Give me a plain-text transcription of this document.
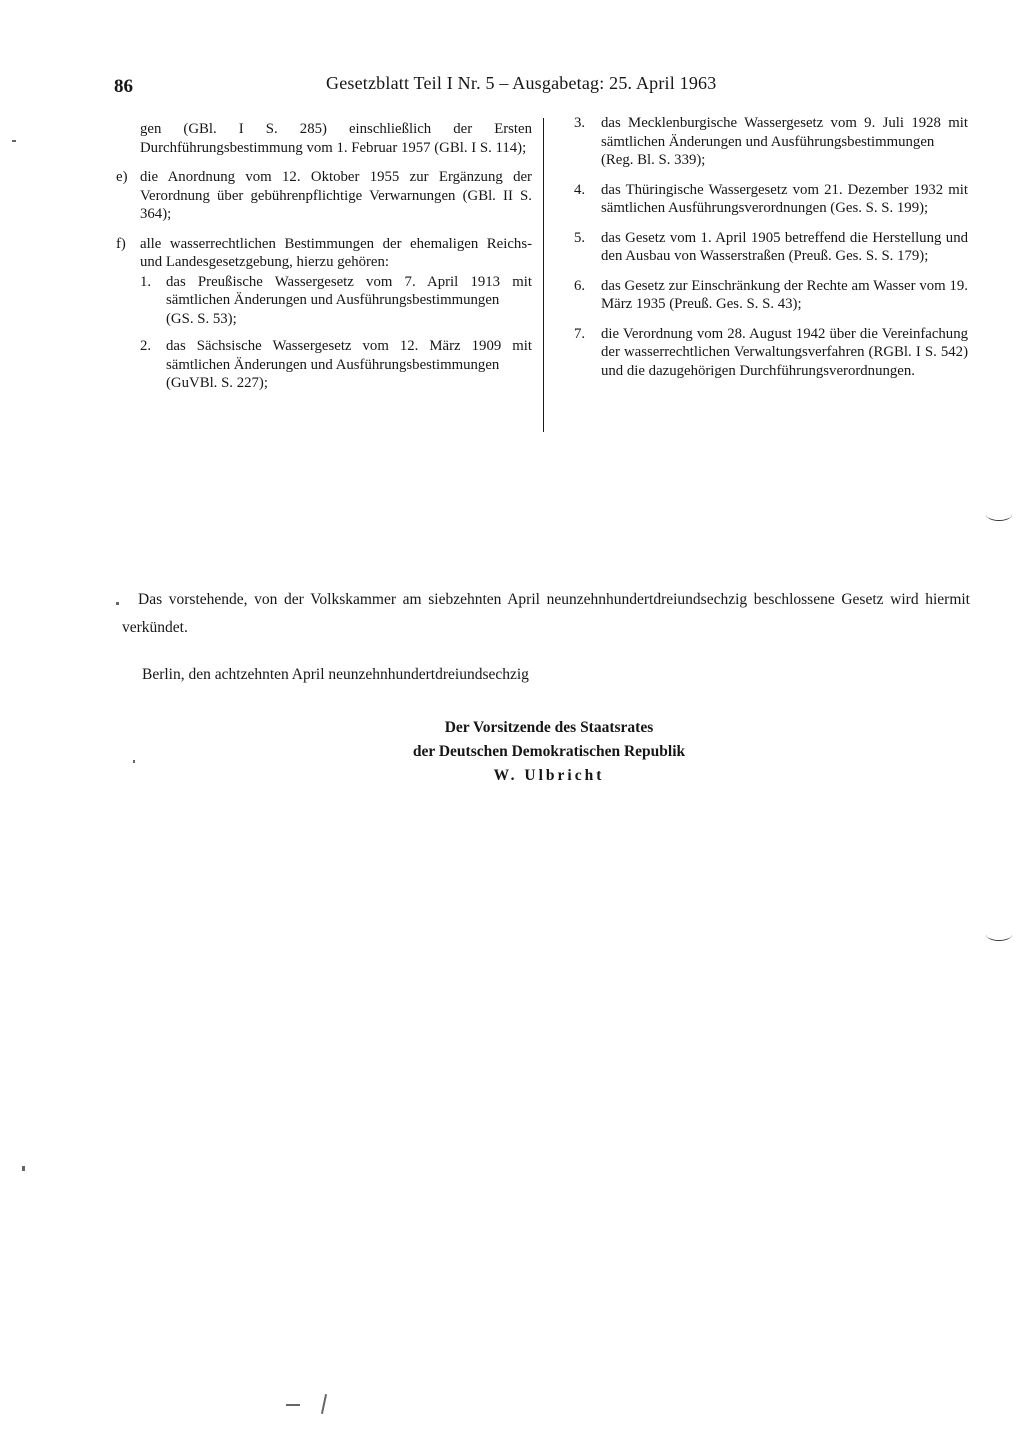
86	Gesetzblatt Teil I Nr. 5 – Ausgabetag: 25. April 1963
gen (GBl. I S. 285) einschließlich der Ersten Durchführungsbestimmung vom 1. Februar 1957 (GBl. I S. 114);
e) die Anordnung vom 12. Oktober 1955 zur Ergänzung der Verordnung über gebührenpflichtige Verwarnungen (GBl. II S. 364);
f) alle wasserrechtlichen Bestimmungen der ehemaligen Reichs- und Landesgesetzgebung, hierzu gehören:
1. das Preußische Wassergesetz vom 7. April 1913 mit sämtlichen Änderungen und Ausführungsbestimmungen
(GS. S. 53);
2. das Sächsische Wassergesetz vom 12. März 1909 mit sämtlichen Änderungen und Ausführungsbestimmungen
(GuVBl. S. 227);
3. das Mecklenburgische Wassergesetz vom 9. Juli 1928 mit sämtlichen Änderungen und Ausführungsbestimmungen
(Reg. Bl. S. 339);
4. das Thüringische Wassergesetz vom 21. Dezember 1932 mit sämtlichen Ausführungsverordnungen (Ges. S. S. 199);
5. das Gesetz vom 1. April 1905 betreffend die Herstellung und den Ausbau von Wasserstraßen (Preuß. Ges. S. S. 179);
6. das Gesetz zur Einschränkung der Rechte am Wasser vom 19. März 1935 (Preuß. Ges. S. S. 43);
7. die Verordnung vom 28. August 1942 über die Vereinfachung der wasserrechtlichen Verwaltungsverfahren (RGBl. I S. 542) und die dazugehörigen Durchführungsverordnungen.
Das vorstehende, von der Volkskammer am siebzehnten April neunzehnhundertdreiundsechzig beschlossene Gesetz wird hiermit verkündet.
Berlin, den achtzehnten April neunzehnhundertdreiundsechzig
Der Vorsitzende des Staatsrates
der Deutschen Demokratischen Republik
W. Ulbricht
